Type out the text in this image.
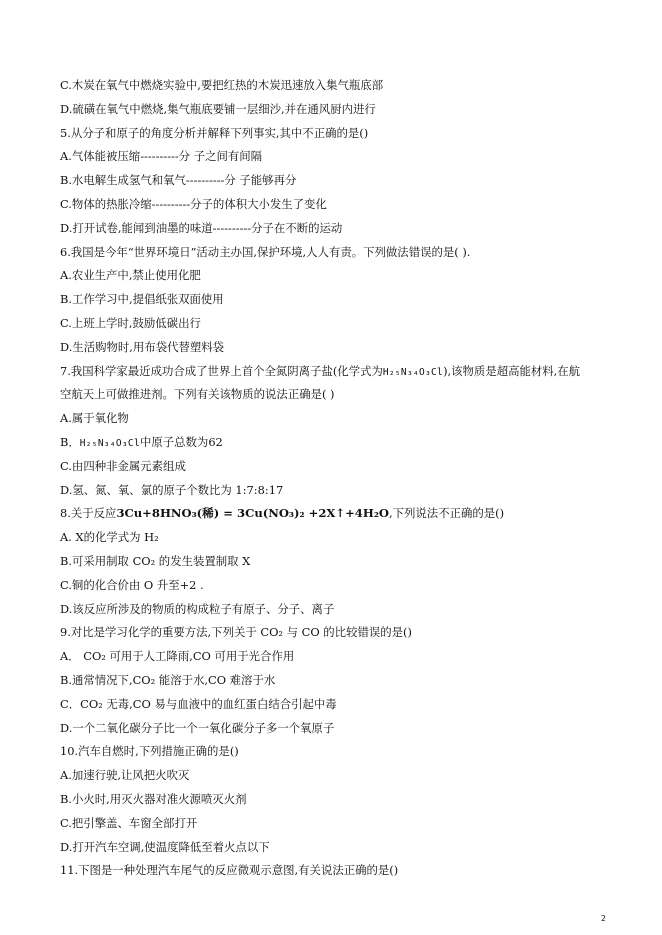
C.木炭在氧气中燃烧实验中,要把红热的木炭迅速放入集气瓶底部
D.硫磺在氧气中燃烧,集气瓶底要铺一层细沙,并在通风厨内进行
5.从分子和原子的角度分析并解释下列事实,其中不正确的是()
A.气体能被压缩----------分 子之间有间隔
B.水电解生成氢气和氧气----------分 子能够再分
C.物体的热胀冷缩----------分子的体积大小发生了变化
D.打开试卷,能闻到油墨的味道----------分子在不断的运动
6.我国是今年“世界环境日”活动主办国,保护环境,人人有责。下列做法错误的是( ).
A.农业生产中,禁止使用化肥
B.工作学习中,提倡纸张双面使用
C.上班上学时,鼓励低碳出行
D.生活购物时,用布袋代替塑料袋
7.我国科学家最近成功合成了世界上首个全氮阴离子盐(化学式为H₂₅N₃₄O₃Cl),该物质是超高能材料,在航
空航天上可做推进剂。下列有关该物质的说法正确是( )
A.属于氧化物
B．H₂₅N₃₄O₃Cl中原子总数为62
C.由四种非金属元素组成
D.氢、氮、氧、氯的原子个数比为 1:7:8:17
8.关于反应3Cu+8HNO₃(稀) = 3Cu(NO₃)₂ +2X↑+4H₂O,下列说法不正确的是()
A. X的化学式为 H₂
B.可采用制取 CO₂ 的发生装置制取 X
C.铜的化合价由 O 升至+2 .
D.该反应所涉及的物质的构成粒子有原子、分子、离子
9.对比是学习化学的重要方法,下列关于 CO₂ 与 CO 的比较错误的是()
A． CO₂ 可用于人工降雨,CO 可用于光合作用
B.通常情况下,CO₂ 能溶于水,CO 难溶于水
C．CO₂ 无毒,CO 易与血液中的血红蛋白结合引起中毒
D.一个二氧化碳分子比一个一氧化碳分子多一个氧原子
10.汽车自燃时,下列措施正确的是()
A.加速行驶,让风把火吹灭
B.小火时,用灭火器对准火源喷灭火剂
C.把引擎盖、车窗全部打开
D.打开汽车空调,使温度降低至着火点以下
11.下图是一种处理汽车尾气的反应微观示意图,有关说法正确的是()
2
